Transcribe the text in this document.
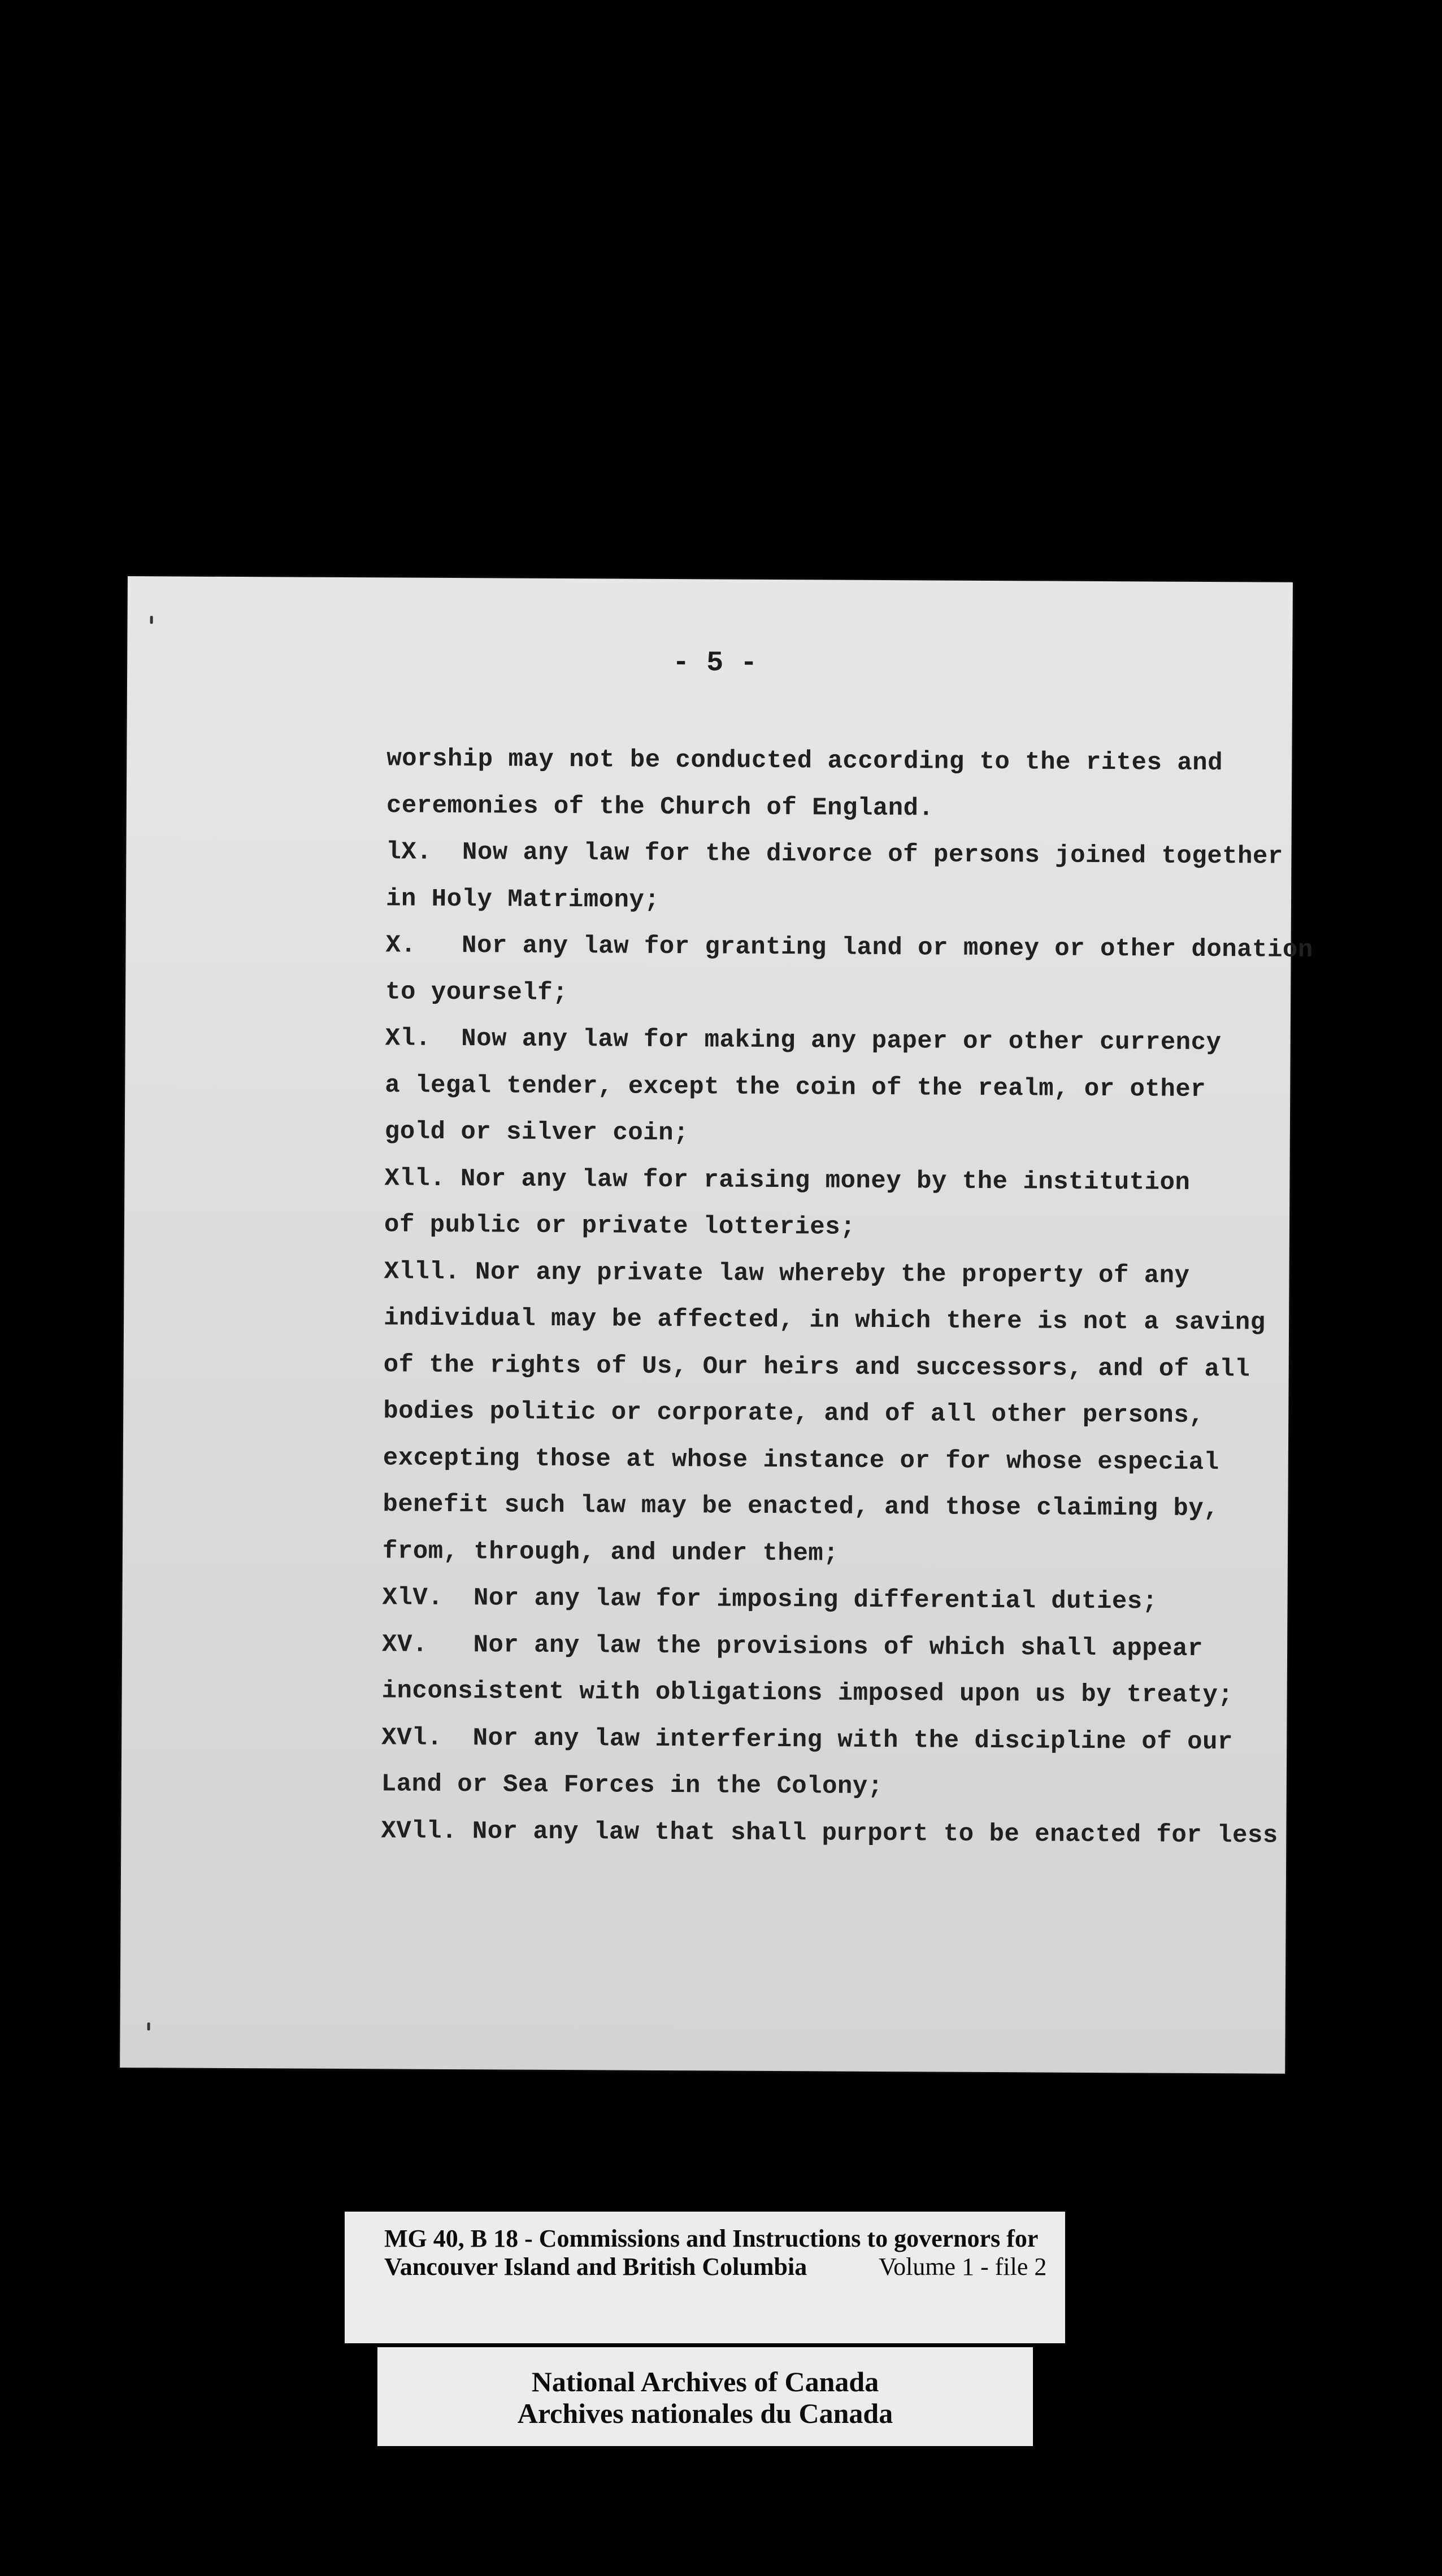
- 5 -
worship may not be conducted according to the rites and
ceremonies of the Church of England.
lX.  Now any law for the divorce of persons joined together
in Holy Matrimony;
X.   Nor any law for granting land or money or other donation
to yourself;
Xl.  Now any law for making any paper or other currency
a legal tender, except the coin of the realm, or other
gold or silver coin;
Xll. Nor any law for raising money by the institution
of public or private lotteries;
Xlll. Nor any private law whereby the property of any
individual may be affected, in which there is not a saving
of the rights of Us, Our heirs and successors, and of all
bodies politic or corporate, and of all other persons,
excepting those at whose instance or for whose especial
benefit such law may be enacted, and those claiming by,
from, through, and under them;
XlV.  Nor any law for imposing differential duties;
XV.   Nor any law the provisions of which shall appear
inconsistent with obligations imposed upon us by treaty;
XVl.  Nor any law interfering with the discipline of our
Land or Sea Forces in the Colony;
XVll. Nor any law that shall purport to be enacted for less
MG 40, B 18 - Commissions and Instructions to governors for
Vancouver Island and British Columbia	Volume 1 - file 2
National Archives of Canada
Archives nationales du Canada
